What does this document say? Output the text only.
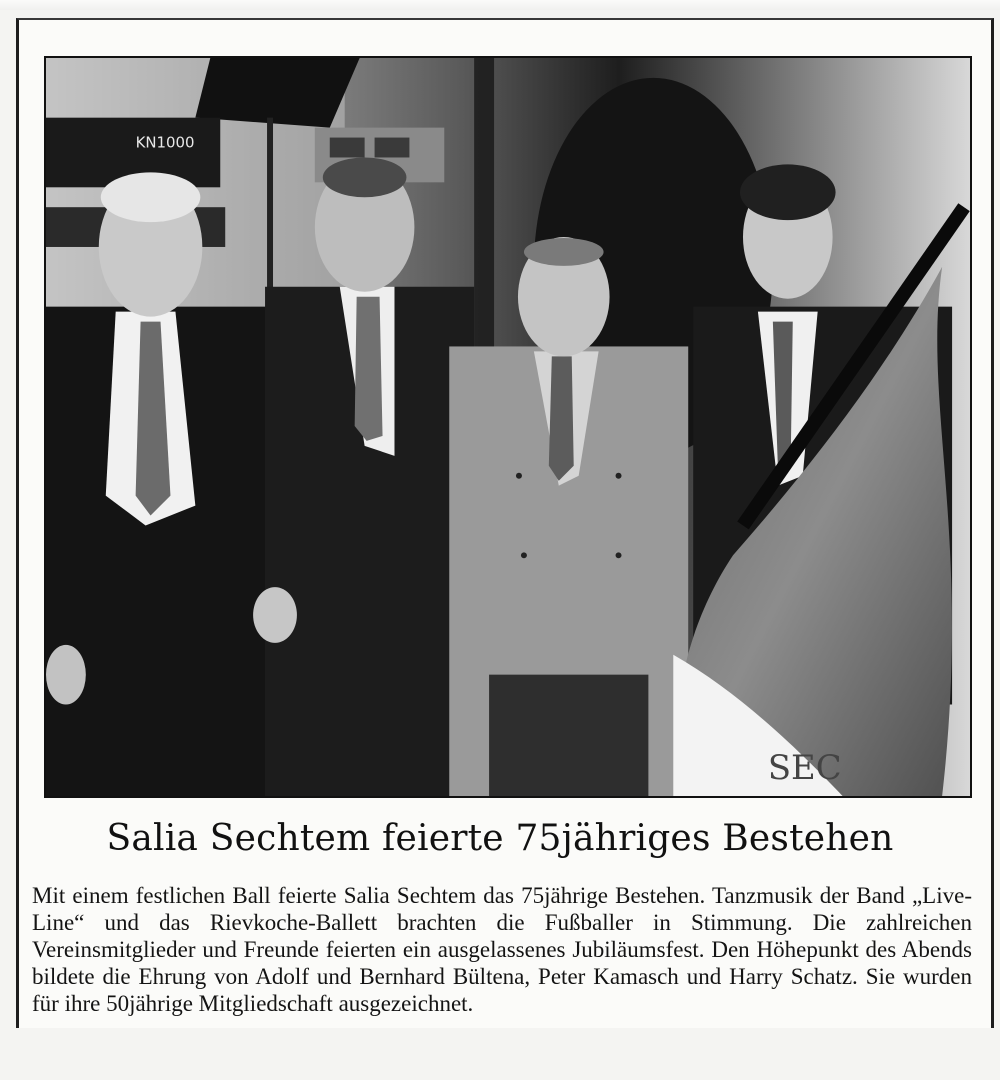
KN1000
SEC
Salia Sechtem feierte 75jähriges Bestehen
Mit einem festlichen Ball feierte Salia Sechtem das 75jährige Bestehen. Tanzmusik der Band „Live-Line“ und das Rievkoche-Ballett brachten die Fußballer in Stimmung. Die zahlreichen Vereinsmitglieder und Freunde feierten ein ausgelassenes Jubiläumsfest. Den Höhepunkt des Abends bildete die Ehrung von Adolf und Bernhard Bültena, Peter Kamasch und Harry Schatz. Sie wurden für ihre 50jährige Mitgliedschaft ausgezeichnet.
